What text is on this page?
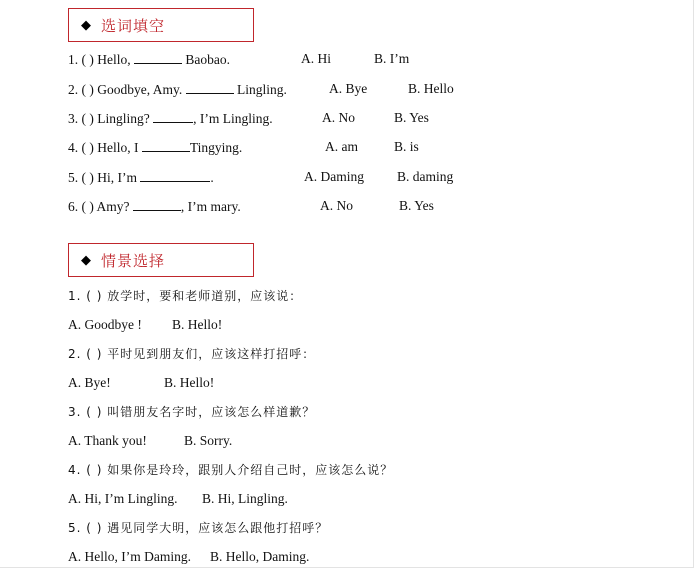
◆ 选词填空
1. ( ) Hello,	Baobao.	A. Hi	B. I’m
2. ( ) Goodbye, Amy.	Lingling.	A. Bye	B. Hello
3. ( ) Lingling?	, I’m Lingling.	A. No	B. Yes
4. ( ) Hello, I	Tingying.	A. am	B. is
5. ( ) Hi, I’m	.	A. Daming B. daming
6. ( ) Amy?	, I’m mary.	A. No	B. Yes
◆ 情景选择
1. ( ) 放学时，要和老师道别，应该说：
A. Goodbye ! B. Hello!
2. ( ) 平时见到朋友们，应该这样打招呼：
A. Bye!	B. Hello!
3. ( ) 叫错朋友名字时，应该怎么样道歉？
A. Thank you!	B. Sorry.
4. ( ) 如果你是玲玲，跟别人介绍自己时，应该怎么说？
A. Hi, I’m Lingling. B. Hi, Lingling.
5. ( ) 遇见同学大明，应该怎么跟他打招呼？
A. Hello, I’m Daming. B. Hello, Daming.
